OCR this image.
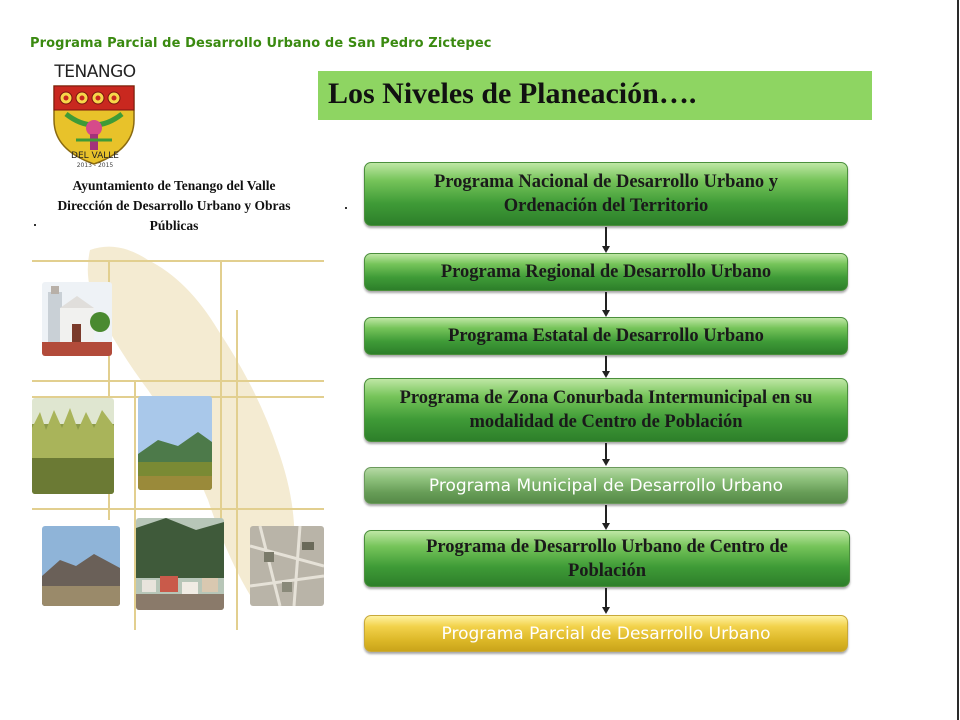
Programa Parcial de Desarrollo Urbano de San Pedro Zictepec
TENANGO
DEL VALLE
2013 - 2015
Ayuntamiento de Tenango del Valle
Dirección de Desarrollo Urbano y Obras
Públicas
Los Niveles de Planeación….
Programa Nacional de Desarrollo Urbano y
Ordenación del Territorio
Programa Regional de Desarrollo Urbano
Programa Estatal de Desarrollo Urbano
Programa de Zona Conurbada Intermunicipal en su
modalidad de Centro de Población
Programa Municipal de Desarrollo Urbano
Programa de Desarrollo Urbano de Centro de
Población
Programa Parcial de Desarrollo Urbano
